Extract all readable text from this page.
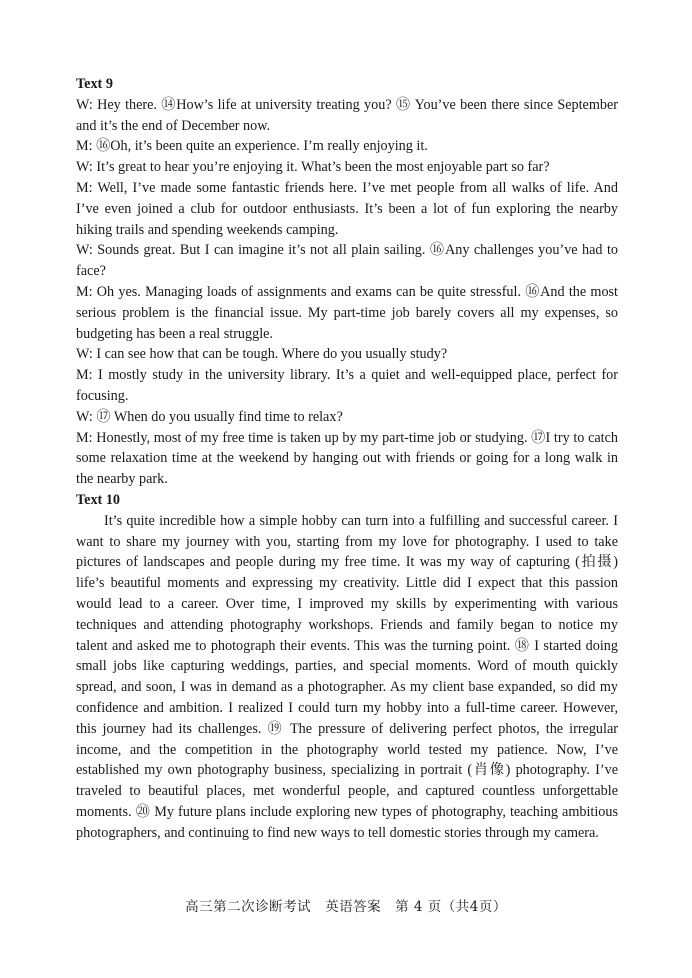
Text 9

W: Hey there. ⑭How’s life at university treating you? ⑮ You’ve been there since September and it’s the end of December now.

M: ⑯Oh, it’s been quite an experience. I’m really enjoying it.

W: It’s great to hear you’re enjoying it. What’s been the most enjoyable part so far?

M: Well, I’ve made some fantastic friends here. I’ve met people from all walks of life. And I’ve even joined a club for outdoor enthusiasts. It’s been a lot of fun exploring the nearby hiking trails and spending weekends camping.

W: Sounds great. But I can imagine it’s not all plain sailing. ⑯Any challenges you’ve had to face?

M: Oh yes. Managing loads of assignments and exams can be quite stressful. ⑯And the most serious problem is the financial issue. My part-time job barely covers all my expenses, so budgeting has been a real struggle.

W: I can see how that can be tough. Where do you usually study?

M: I mostly study in the university library. It’s a quiet and well-equipped place, perfect for focusing.

W: ⑰ When do you usually find time to relax?

M: Honestly, most of my free time is taken up by my part-time job or studying. ⑰I try to catch some relaxation time at the weekend by hanging out with friends or going for a long walk in the nearby park.

Text 10

It’s quite incredible how a simple hobby can turn into a fulfilling and successful career. I want to share my journey with you, starting from my love for photography. I used to take pictures of landscapes and people during my free time. It was my way of capturing (拍摄) life’s beautiful moments and expressing my creativity. Little did I expect that this passion would lead to a career. Over time, I improved my skills by experimenting with various techniques and attending photography workshops. Friends and family began to notice my talent and asked me to photograph their events. This was the turning point. ⑱ I started doing small jobs like capturing weddings, parties, and special moments. Word of mouth quickly spread, and soon, I was in demand as a photographer. As my client base expanded, so did my confidence and ambition. I realized I could turn my hobby into a full-time career. However, this journey had its challenges. ⑲ The pressure of delivering perfect photos, the irregular income, and the competition in the photography world tested my patience. Now, I’ve established my own photography business, specializing in portrait (肖像) photography. I’ve traveled to beautiful places, met wonderful people, and captured countless unforgettable moments. ⑳ My future plans include exploring new types of photography, teaching ambitious photographers, and continuing to find new ways to tell domestic stories through my camera.

高三第二次诊断考试　英语答案　第 4 页（共4页）
